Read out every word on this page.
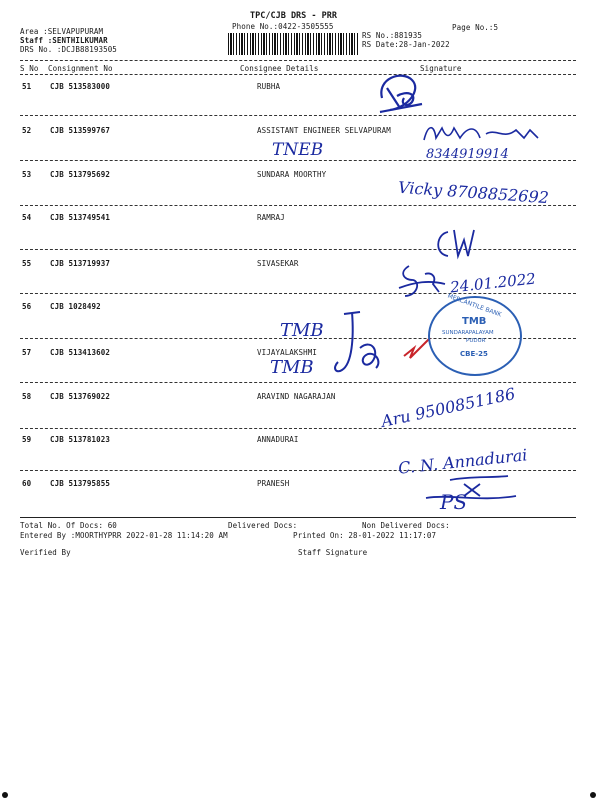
TPC/CJB DRS - PRR
Phone No.:0422-3505555	Page No.:5
Area :SELVAPUPURAM
Staff :SENTHILKUMAR
DRS No. :DCJB88193505
RS No.:881935
RS Date:28-Jan-2022
S No Consignment No	Consignee Details	Signature
51	CJB 513583000	RUBHA
52	CJB 513599767	ASSISTANT ENGINEER SELVAPURAM
53	CJB 513795692	SUNDARA MOORTHY
54	CJB 513749541	RAMRAJ
55	CJB 513719937	SIVASEKAR
56	CJB 1028492
57	CJB 513413602	VIJAYALAKSHMI
58	CJB 513769022	ARAVIND NAGARAJAN
59	CJB 513781023	ANNADURAI
60	CJB 513795855	PRANESH
Total No. Of Docs: 60	Delivered Docs:	Non Delivered Docs:
Entered By :MOORTHYPRR 2022-01-28 11:14:20 AM	Printed On: 28-01-2022 11:17:07
Verified By	Staff Signature
TNEB	8344919914
Vicky 8708852692
24.01.2022
TMB
TMB
Aru 9500851186
C. N. Annadurai
PS
MERCANTILE BANK
TMB
SUNDARAPALAYAM
PUDUR
CBE-25
